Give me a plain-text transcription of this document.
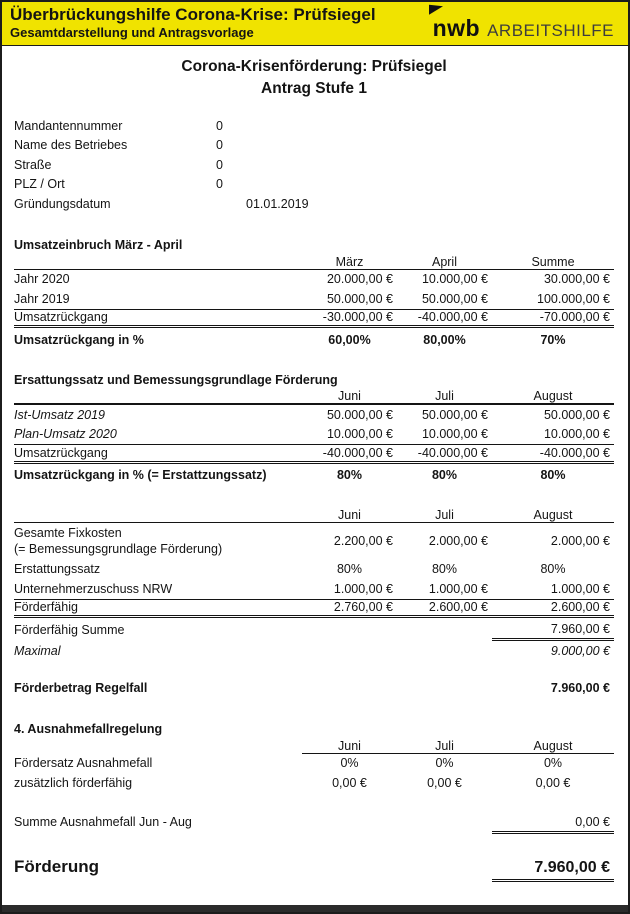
Überbrückungshilfe Corona-Krise: Prüfsiegel
Gesamtdarstellung und Antragsvorlage	nwb ARBEITSHILFE
Corona-Krisenförderung: Prüfsiegel
Antrag Stufe 1
Mandantennummer	0
Name des Betriebes	0
Straße	0
PLZ / Ort	0
Gründungsdatum	01.01.2019
Umsatzeinbruch März - April
März	April	Summe
Jahr 2020	20.000,00 €	10.000,00 €	30.000,00 €
Jahr 2019	50.000,00 €	50.000,00 €	100.000,00 €
Umsatzrückgang	-30.000,00 €	-40.000,00 €	-70.000,00 €
Umsatzrückgang in %	60,00%	80,00%	70%
Ersattungssatz und Bemessungsgrundlage Förderung
Juni	Juli	August
Ist-Umsatz 2019	50.000,00 €	50.000,00 €	50.000,00 €
Plan-Umsatz 2020	10.000,00 €	10.000,00 €	10.000,00 €
Umsatzrückgang	-40.000,00 €	-40.000,00 €	-40.000,00 €
Umsatzrückgang in % (= Erstattzungssatz)	80%	80%	80%
Juni	Juli	August
Gesamte Fixkosten
(= Bemessungsgrundlage Förderung)
2.200,00 €	2.000,00 €	2.000,00 €
Erstattungssatz	80%	80%	80%
Unternehmerzuschuss NRW	1.000,00 €	1.000,00 €	1.000,00 €
Förderfähig	2.760,00 €	2.600,00 €	2.600,00 €
Förderfähig Summe	7.960,00 €
Maximal	9.000,00 €
Förderbetrag Regelfall	7.960,00 €
4. Ausnahmefallregelung
Juni	Juli	August
Fördersatz Ausnahmefall	0%	0%	0%
zusätzlich förderfähig	0,00 €	0,00 €	0,00 €
Summe Ausnahmefall Jun - Aug	0,00 €
Förderung	7.960,00 €
